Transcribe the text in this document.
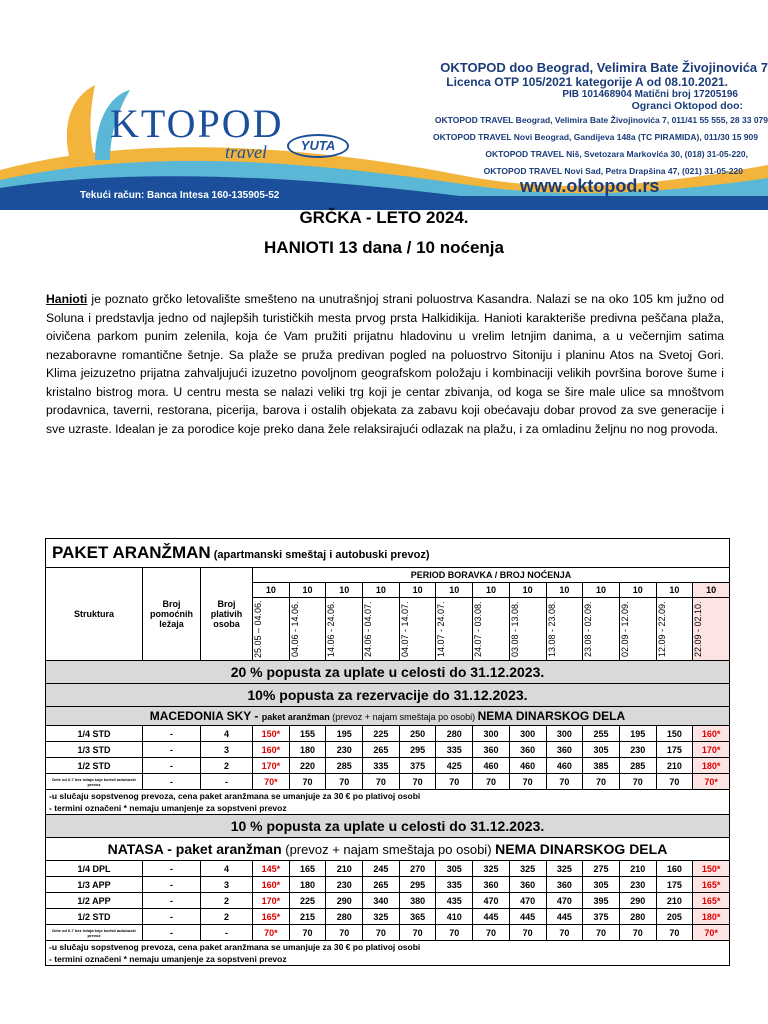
KTOPOD
travel	YUTA
OKTOPOD doo Beograd, Velimira Bate Živojinovića 7
Licenca OTP 105/2021 kategorije A od 08.10.2021.
PIB 101468904 Matični broj 17205196
Ogranci Oktopod doo:
OKTOPOD TRAVEL Beograd, Velimira Bate Živojinovića 7, 011/41 55 555, 28 33 079
OKTOPOD TRAVEL Novi Beograd, Gandijeva 148a (TC PIRAMIDA), 011/30 15 909
OKTOPOD TRAVEL Niš, Svetozara Markovića 30, (018) 31-05-220,
OKTOPOD TRAVEL Novi Sad, Petra Drapšina 47, (021) 31-05-220
www.oktopod.rs
Tekući račun: Banca Intesa 160-135905-52
GRČKA - LETO 2024.
HANIOTI 13 dana / 10 noćenja
Hanioti je poznato grčko letovalište smešteno na unutrašnjoj strani poluostrva Kasandra. Nalazi se na oko 105 km južno od Soluna i predstavlja jedno od najlepših turističkih mesta prvog prsta Halkidikija. Hanioti karakteriše predivna peščana plaža, oivičena parkom punim zelenila, koja će Vam pružiti prijatnu hladovinu u vrelim letnjim danima, a u večernjim satima nezaboravne romantične šetnje. Sa plaže se pruža predivan pogled na poluostrvo Sitoniju i planinu Atos na Svetoj Gori. Klima jeizuzetno prijatna zahvaljujući izuzetno povoljnom geografskom položaju i kombinaciji velikih površina borove šume i kristalno bistrog mora. U centru mesta se nalazi veliki trg koji je centar zbivanja, od koga se šire male ulice sa mnoštvom prodavnica, taverni, restorana, picerija, barova i ostalih objekata za zabavu koji obećavaju dobar provod za sve generacije i sve uzraste. Idealan je za porodice koje preko dana žele relaksirajući odlazak na plažu, i za omladinu željnu no nog provoda.
PAKET ARANŽMAN (apartmanski smeštaj i autobuski prevoz)															
Struktura	Broj pomoćnih ležaja	Broj plativih osoba	PERIOD BORAVKA / BROJ NOĆENJA												
			10	10	10	10	10	10	10	10	10	10	10	10	10

			25.05 – 04.06.	04.06 - 14.06.	14.06 - 24.06.	24.06 - 04.07.	04.07 - 14.07.	14.07 - 24.07.	24.07 - 03.08.	03.08 - 13.08.	13.08 - 23.08.	23.08 - 02.09.	02.09 - 12.09.	12.09 - 22.09.	22.09 - 02.10.

20 % popusta za uplate u celosti do 31.12.2023.															
10% popusta za rezervacije do 31.12.2023.															
MACEDONIA SKY - paket aranžman (prevoz + najam smeštaja po osobi) NEMA DINARSKOG DELA															
1/4 STD	-	4	150*	155	195	225	250	280	300	300	300	255	195	150	160*
1/3 STD	-	3	160*	180	230	265	295	335	360	360	360	305	230	175	170*
1/2 STD	-	2	170*	220	285	335	375	425	460	460	460	385	285	210	180*
Dete od 0-7 bez ležaja koje koristi autobuski prevoz	-	-	70*	70	70	70	70	70	70	70	70	70	70	70	70*
-u slučaju sopstvenog prevoza, cena paket aranžmana se umanjuje za 30 € po plativoj osobi															
- termini označeni * nemaju umanjenje za sopstveni prevoz															
10 % popusta za uplate u celosti do 31.12.2023.															
NATASA - paket aranžman (prevoz + najam smeštaja po osobi) NEMA DINARSKOG DELA															
1/4 DPL	-	4	145*	165	210	245	270	305	325	325	325	275	210	160	150*
1/3 APP	-	3	160*	180	230	265	295	335	360	360	360	305	230	175	165*
1/2 APP	-	2	170*	225	290	340	380	435	470	470	470	395	290	210	165*
1/2 STD	-	2	165*	215	280	325	365	410	445	445	445	375	280	205	180*
Dete od 0-7 bez ležaja koje koristi autobuski prevoz	-	-	70*	70	70	70	70	70	70	70	70	70	70	70	70*
-u slučaju sopstvenog prevoza, cena paket aranžmana se umanjuje za 30 € po plativoj osobi															
- termini označeni * nemaju umanjenje za sopstveni prevoz															
